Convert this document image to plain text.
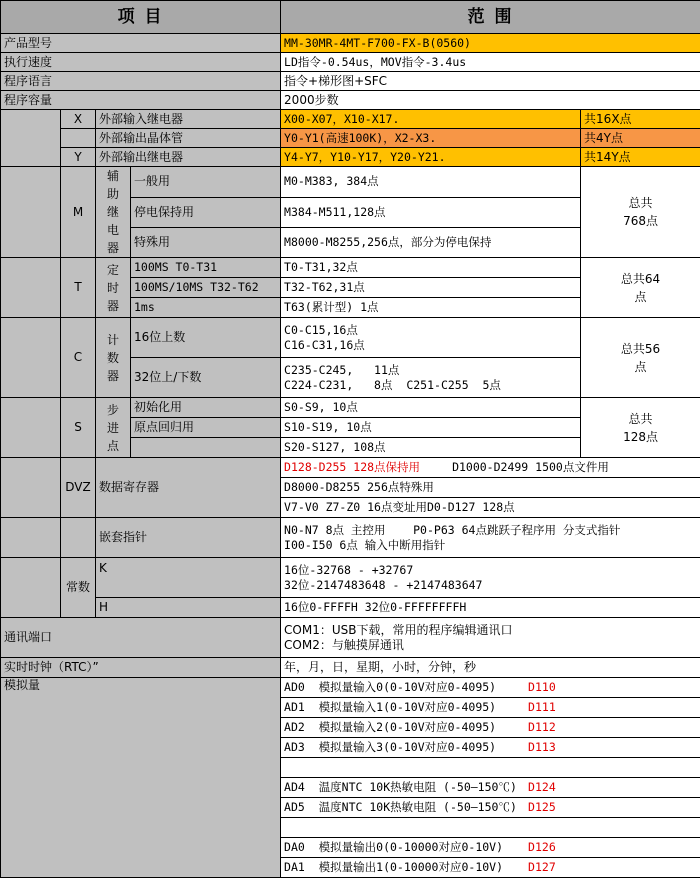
项 目				范 围	
产品型号				MM-30MR-4MT-F700-FX-B(0560)	
执行速度				LD指令-0.54us，MOV指令-3.4us	
程序语言				指令+梯形图+SFC	
程序容量				2000步数	
	X	外部输入继电器		X00-X07，X10-X17.	共16X点
		外部输出晶体管		Y0-Y1(高速100K)，X2-X3.	共4Y点
	Y	外部输出继电器		Y4-Y7，Y10-Y17，Y20-Y21.	共14Y点
	M	辅助继电器	一般用	M0-M383, 384点	总共768点
			停电保持用	M384-M511,128点	
			特殊用	M8000-M8255,256点，部分为停电保持	
	T	定时器	100MS T0-T31	T0-T31,32点	总共64点
			100MS/10MS T32-T62	T32-T62,31点	
			1ms	T63(累计型) 1点	
	C	计数器	16位上数	C0-C15,16点
C16-C31,16点	总共56点
			32位上/下数	C235-C245,   11点
C224-C231,   8点  C251-C255  5点	

	S	步进点	初始化用	S0-S9, 10点	总共128点
			原点回归用	S10-S19, 10点	
				S20-S127, 108点	
	DVZ	数据寄存器		D128-D255 128点保持用 D1000-D2499 1500点文件用	
				D8000-D8255 256点特殊用	
				V7-V0 Z7-Z0 16点变址用D0-D127 128点	
		嵌套指针		N0-N7 8点 主控用    P0-P63 64点跳跃子程序用 分支式指针
I00-I50 6点 输入中断用指针	

	常数	K		16位-32768 - +32767
32位-2147483648 - +2147483647	

		H		16位0-FFFFH 32位0-FFFFFFFFH	
通讯端口				COM1：USB下载，常用的程序编辑通讯口
COM2：与触摸屏通讯	

实时时钟（RTC）”				年，月，日，星期，小时，分钟，秒	
模拟量				AD0  模拟量输入0(0-10V对应0-4095) D110	
				AD1  模拟量输入1(0-10V对应0-4095) D111	
				AD2  模拟量输入2(0-10V对应0-4095) D112	
				AD3  模拟量输入3(0-10V对应0-4095) D113	

				AD4  温度NTC 10K热敏电阻 (-50—150℃) D124	
				AD5  温度NTC 10K热敏电阻 (-50—150℃) D125	

				DA0  模拟量输出0(0-10000对应0-10V) D126	
				DA1  模拟量输出1(0-10000对应0-10V) D127	
